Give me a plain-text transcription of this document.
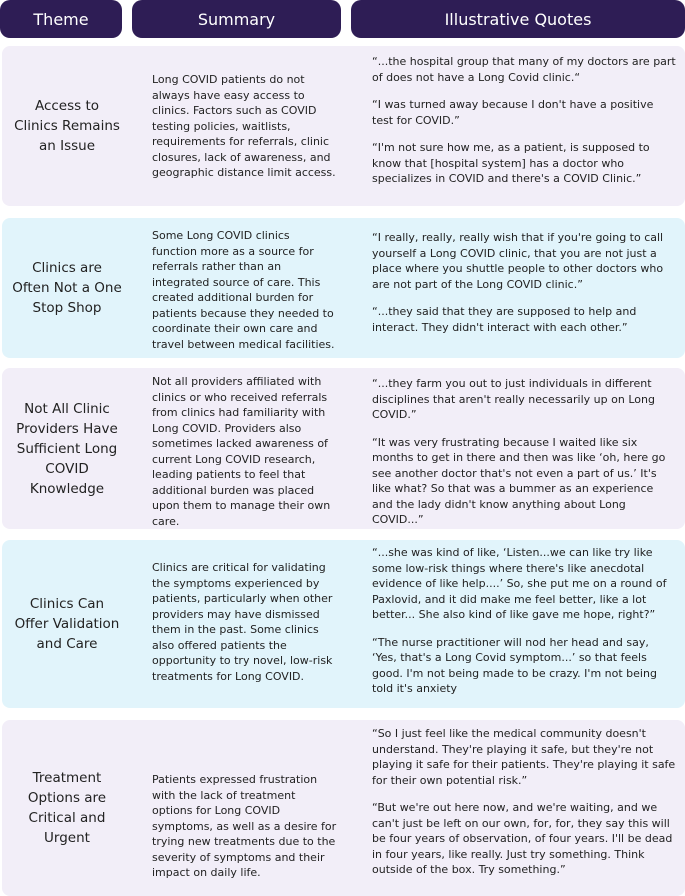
Theme	Summary	Illustrative Quotes
Access to Clinics Remains an Issue
Long COVID patients do not always have easy access to clinics. Factors such as COVID testing policies, waitlists, requirements for referrals, clinic closures, lack of awareness, and geographic distance limit access.

“...the hospital group that many of my doctors are part of does not have a Long Covid clinic.“

“I was turned away because I don't have a positive test for COVID.”

“I'm not sure how me, as a patient, is supposed to know that [hospital system] has a doctor who specializes in COVID and there's a COVID Clinic.”

Clinics are Often Not a One Stop Shop
Some Long COVID clinics function more as a source for referrals rather than an integrated source of care. This created additional burden for patients because they needed to coordinate their own care and travel between medical facilities.

“I really, really, really wish that if you're going to call yourself a Long COVID clinic, that you are not just a place where you shuttle people to other doctors who are not part of the Long COVID clinic.”

“...they said that they are supposed to help and interact. They didn't interact with each other.”

Not All Clinic Providers Have Sufficient Long COVID Knowledge
Not all providers affiliated with clinics or who received referrals from clinics had familiarity with Long COVID. Providers also sometimes lacked awareness of current Long COVID research, leading patients to feel that additional burden was placed upon them to manage their own care.

“...they farm you out to just individuals in different disciplines that aren't really necessarily up on Long COVID.”

“It was very frustrating because I waited like six months to get in there and then was like ‘oh, here go see another doctor that's not even a part of us.’ It's like what? So that was a bummer as an experience and the lady didn't know anything about Long COVID...”

Clinics Can Offer Validation and Care
Clinics are critical for validating the symptoms experienced by patients, particularly when other providers may have dismissed them in the past. Some clinics also offered patients the opportunity to try novel, low-risk treatments for Long COVID.

“...she was kind of like, ‘Listen...we can like try like some low-risk things where there's like anecdotal evidence of like help....’ So, she put me on a round of Paxlovid, and it did make me feel better, like a lot better... She also kind of like gave me hope, right?”

“The nurse practitioner will nod her head and say, ‘Yes, that's a Long Covid symptom...’ so that feels good. I'm not being made to be crazy. I'm not being told it's anxiety

Treatment Options are Critical and Urgent
Patients expressed frustration with the lack of treatment options for Long COVID symptoms, as well as a desire for trying new treatments due to the severity of symptoms and their impact on daily life.

“So I just feel like the medical community doesn't understand. They're playing it safe, but they're not playing it safe for their patients. They're playing it safe for their own potential risk.”

“But we're out here now, and we're waiting, and we can't just be left on our own, for, for, they say this will be four years of observation, of four years. I'll be dead in four years, like really. Just try something. Think outside of the box. Try something.”
